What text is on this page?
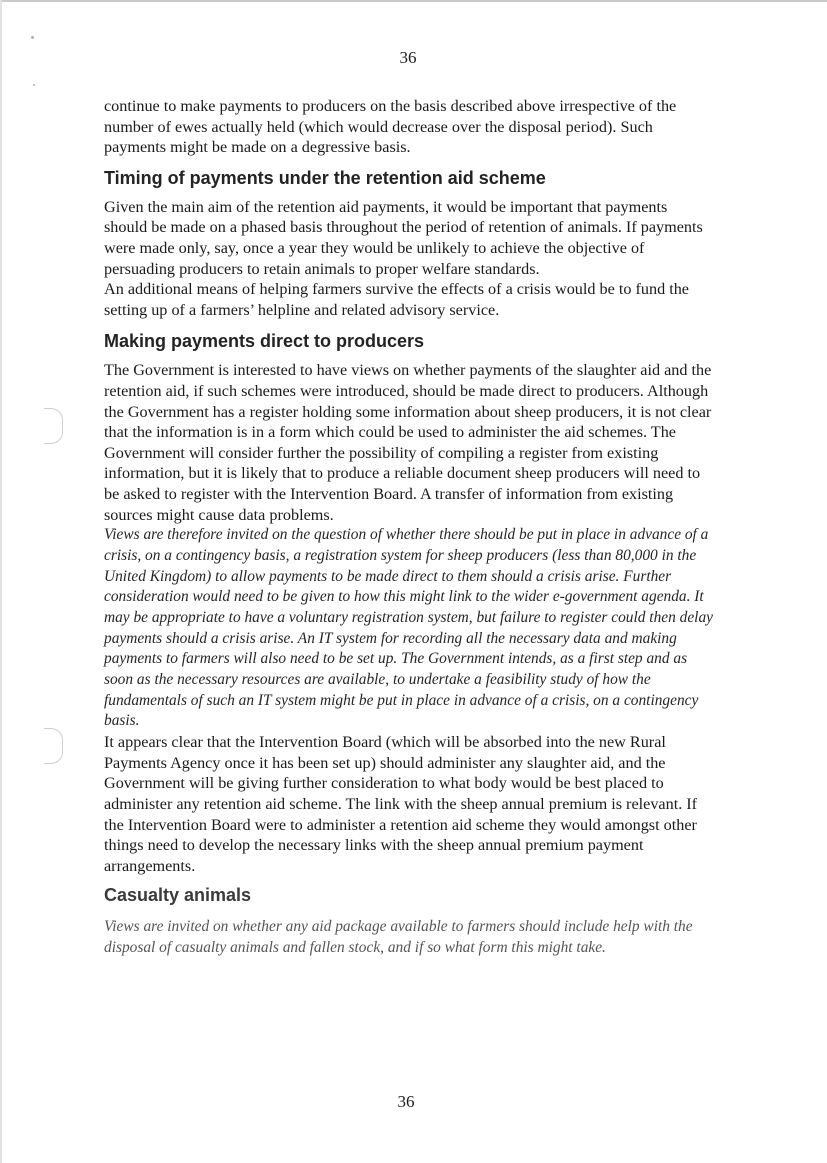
36

continue to make payments to producers on the basis described above irrespective of the number of ewes actually held (which would decrease over the disposal period). Such payments might be made on a degressive basis.

Timing of payments under the retention aid scheme

Given the main aim of the retention aid payments, it would be important that payments should be made on a phased basis throughout the period of retention of animals. If payments were made only, say, once a year they would be unlikely to achieve the objective of persuading producers to retain animals to proper welfare standards.

An additional means of helping farmers survive the effects of a crisis would be to fund the setting up of a farmers’ helpline and related advisory service.

Making payments direct to producers

The Government is interested to have views on whether payments of the slaughter aid and the retention aid, if such schemes were introduced, should be made direct to producers. Although the Government has a register holding some information about sheep producers, it is not clear that the information is in a form which could be used to administer the aid schemes. The Government will consider further the possibility of compiling a register from existing information, but it is likely that to produce a reliable document sheep producers will need to be asked to register with the Intervention Board. A transfer of information from existing sources might cause data problems.

Views are therefore invited on the question of whether there should be put in place in advance of a crisis, on a contingency basis, a registration system for sheep producers (less than 80,000 in the United Kingdom) to allow payments to be made direct to them should a crisis arise. Further consideration would need to be given to how this might link to the wider e-government agenda. It may be appropriate to have a voluntary registration system, but failure to register could then delay payments should a crisis arise. An IT system for recording all the necessary data and making payments to farmers will also need to be set up. The Government intends, as a first step and as soon as the necessary resources are available, to undertake a feasibility study of how the fundamentals of such an IT system might be put in place in advance of a crisis, on a contingency basis.

It appears clear that the Intervention Board (which will be absorbed into the new Rural Payments Agency once it has been set up) should administer any slaughter aid, and the Government will be giving further consideration to what body would be best placed to administer any retention aid scheme. The link with the sheep annual premium is relevant. If the Intervention Board were to administer a retention aid scheme they would amongst other things need to develop the necessary links with the sheep annual premium payment arrangements.

Casualty animals

Views are invited on whether any aid package available to farmers should include help with the disposal of casualty animals and fallen stock, and if so what form this might take.

36
